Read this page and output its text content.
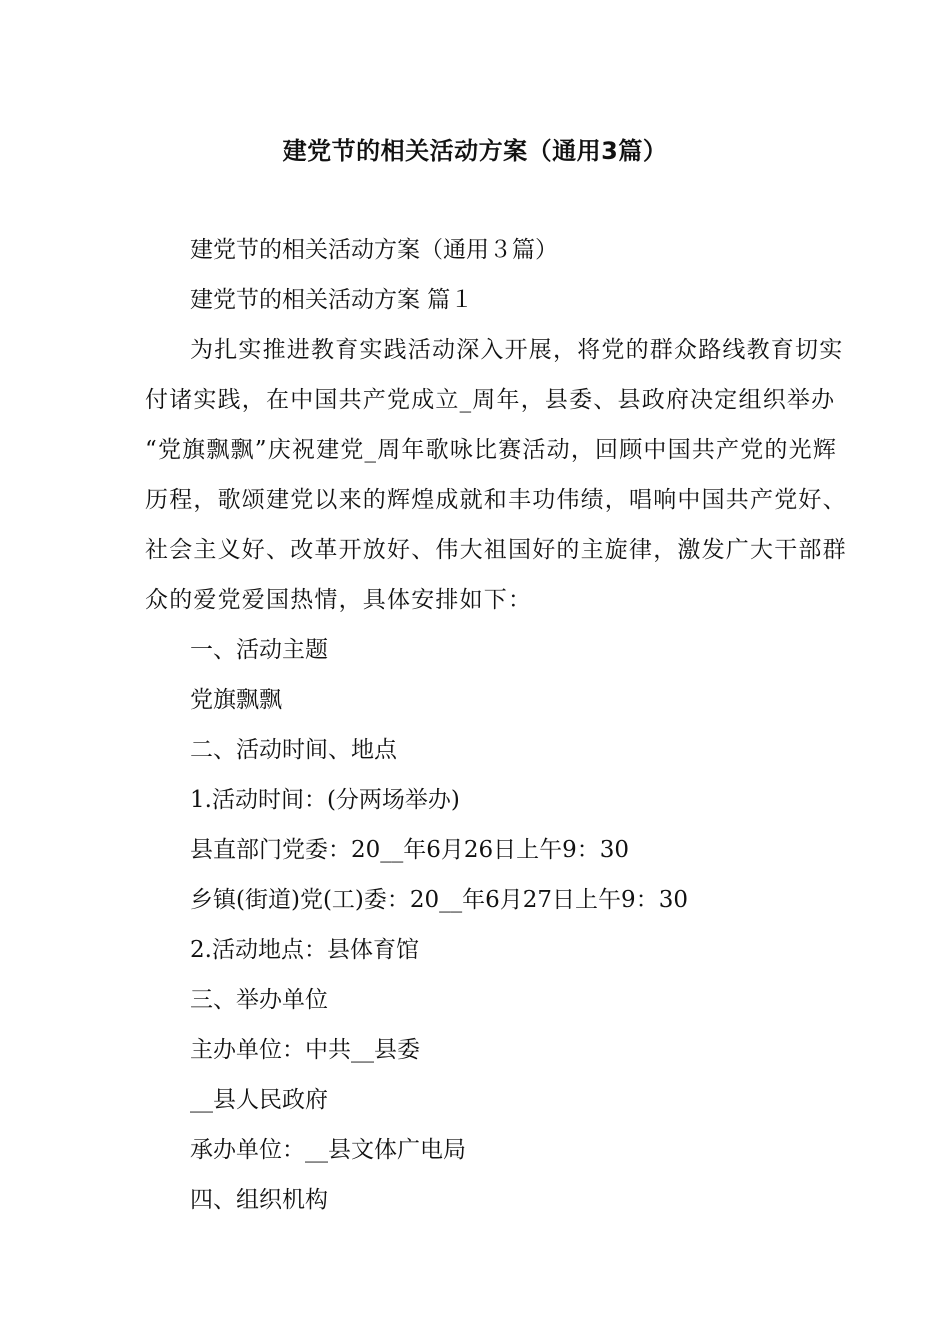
建党节的相关活动方案（通用3篇）

建党节的相关活动方案（通用３篇）

建党节的相关活动方案 篇１

为扎实推进教育实践活动深入开展，将党的群众路线教育切实

付诸实践，在中国共产党成立_周年，县委、县政府决定组织举办

“党旗飘飘”庆祝建党_周年歌咏比赛活动，回顾中国共产党的光辉

历程，歌颂建党以来的辉煌成就和丰功伟绩，唱响中国共产党好、

社会主义好、改革开放好、伟大祖国好的主旋律，激发广大干部群

众的爱党爱国热情，具体安排如下：

一、活动主题

党旗飘飘

二、活动时间、地点

1.活动时间：(分两场举办)

县直部门党委：20__年6月26日上午9：30

乡镇(街道)党(工)委：20__年6月27日上午9：30

2.活动地点：县体育馆

三、举办单位

主办单位：中共__县委

__县人民政府

承办单位：__县文体广电局

四、组织机构
